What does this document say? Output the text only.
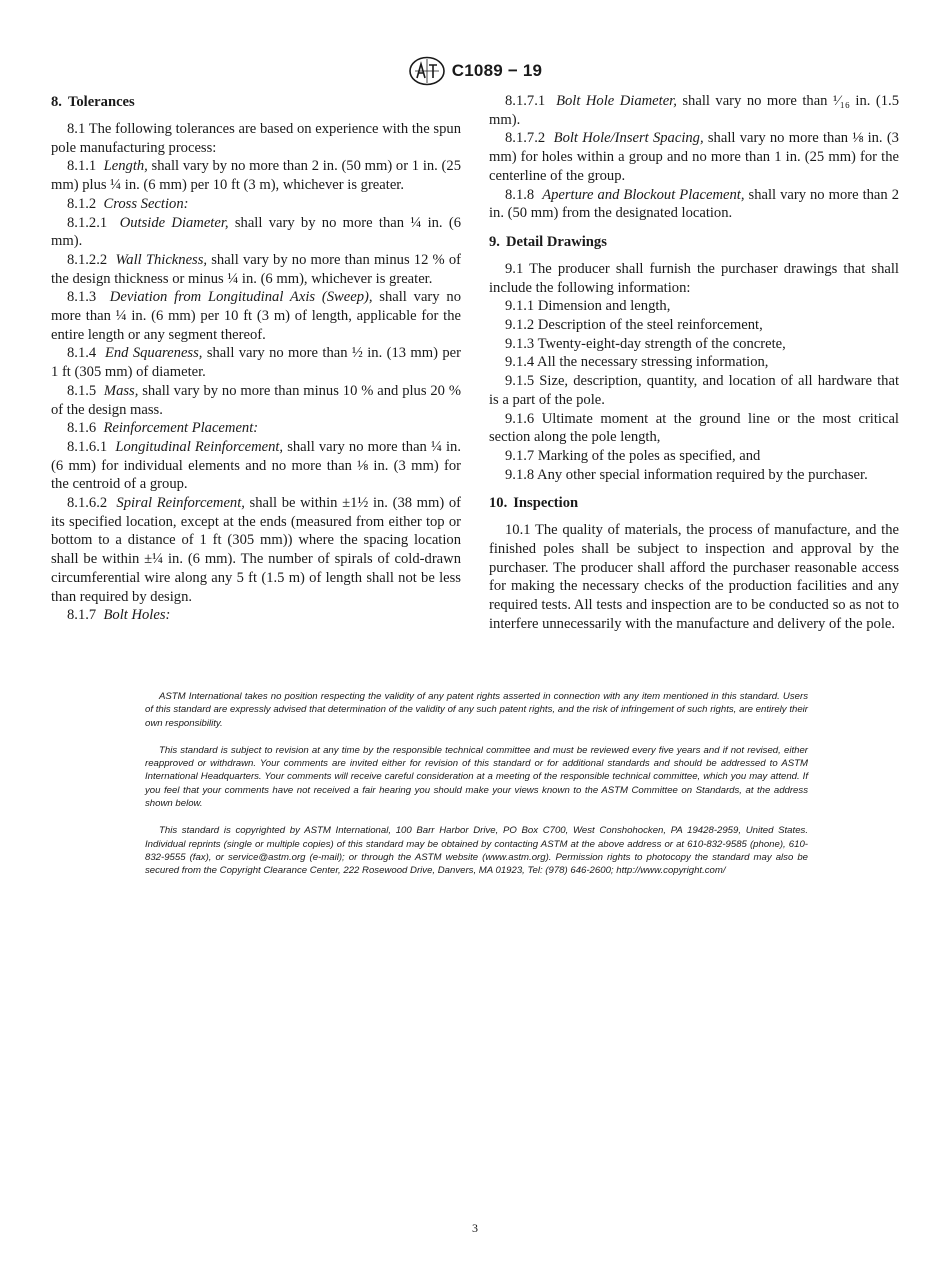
C1089 − 19
8. Tolerances

8.1 The following tolerances are based on experience with the spun pole manufacturing process:

8.1.1 Length, shall vary by no more than 2 in. (50 mm) or 1 in. (25 mm) plus ¼ in. (6 mm) per 10 ft (3 m), whichever is greater.

8.1.2 Cross Section:

8.1.2.1 Outside Diameter, shall vary by no more than ¼ in. (6 mm).

8.1.2.2 Wall Thickness, shall vary by no more than minus 12 % of the design thickness or minus ¼ in. (6 mm), whichever is greater.

8.1.3 Deviation from Longitudinal Axis (Sweep), shall vary no more than ¼ in. (6 mm) per 10 ft (3 m) of length, applicable for the entire length or any segment thereof.

8.1.4 End Squareness, shall vary no more than ½ in. (13 mm) per 1 ft (305 mm) of diameter.

8.1.5 Mass, shall vary by no more than minus 10 % and plus 20 % of the design mass.

8.1.6 Reinforcement Placement:

8.1.6.1 Longitudinal Reinforcement, shall vary no more than ¼ in. (6 mm) for individual elements and no more than ⅛ in. (3 mm) for the centroid of a group.

8.1.6.2 Spiral Reinforcement, shall be within ±1½ in. (38 mm) of its specified location, except at the ends (measured from either top or bottom to a distance of 1 ft (305 mm)) where the spacing location shall be within ±¼ in. (6 mm). The number of spirals of cold-drawn circumferential wire along any 5 ft (1.5 m) of length shall not be less than required by design.

8.1.7 Bolt Holes:

8.1.7.1 Bolt Hole Diameter, shall vary no more than ¹⁄₁₆ in. (1.5 mm).

8.1.7.2 Bolt Hole/Insert Spacing, shall vary no more than ⅛ in. (3 mm) for holes within a group and no more than 1 in. (25 mm) for the centerline of the group.

8.1.8 Aperture and Blockout Placement, shall vary no more than 2 in. (50 mm) from the designated location.

9. Detail Drawings

9.1 The producer shall furnish the purchaser drawings that shall include the following information:

9.1.1 Dimension and length,

9.1.2 Description of the steel reinforcement,

9.1.3 Twenty-eight-day strength of the concrete,

9.1.4 All the necessary stressing information,

9.1.5 Size, description, quantity, and location of all hardware that is a part of the pole.

9.1.6 Ultimate moment at the ground line or the most critical section along the pole length,

9.1.7 Marking of the poles as specified, and

9.1.8 Any other special information required by the purchaser.

10. Inspection

10.1 The quality of materials, the process of manufacture, and the finished poles shall be subject to inspection and approval by the purchaser. The producer shall afford the purchaser reasonable access for making the necessary checks of the production facilities and any required tests. All tests and inspection are to be conducted so as not to interfere unnecessarily with the manufacture and delivery of the pole.

ASTM International takes no position respecting the validity of any patent rights asserted in connection with any item mentioned in this standard. Users of this standard are expressly advised that determination of the validity of any such patent rights, and the risk of infringement of such rights, are entirely their own responsibility.

This standard is subject to revision at any time by the responsible technical committee and must be reviewed every five years and if not revised, either reapproved or withdrawn. Your comments are invited either for revision of this standard or for additional standards and should be addressed to ASTM International Headquarters. Your comments will receive careful consideration at a meeting of the responsible technical committee, which you may attend. If you feel that your comments have not received a fair hearing you should make your views known to the ASTM Committee on Standards, at the address shown below.

This standard is copyrighted by ASTM International, 100 Barr Harbor Drive, PO Box C700, West Conshohocken, PA 19428-2959, United States. Individual reprints (single or multiple copies) of this standard may be obtained by contacting ASTM at the above address or at 610-832-9585 (phone), 610-832-9555 (fax), or service@astm.org (e-mail); or through the ASTM website (www.astm.org). Permission rights to photocopy the standard may also be secured from the Copyright Clearance Center, 222 Rosewood Drive, Danvers, MA 01923, Tel: (978) 646-2600; http://www.copyright.com/

3
